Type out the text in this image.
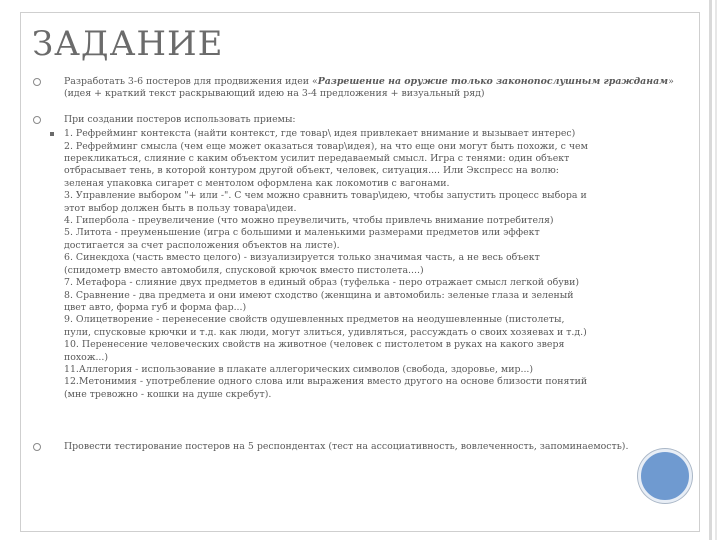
ЗАДАНИЕ
Разработать 3-6 постеров для продвижения идеи «Разрешение на оружие только законопослушным гражданам» (идея + краткий текст раскрывающий идею на 3-4 предложения + визуальный ряд)
При создании постеров использовать приемы:
1. Рефрейминг контекста (найти контекст, где товар\ идея привлекает внимание и вызывает интерес)
2. Рефрейминг смысла (чем еще может оказаться товар\идея), на что еще они могут быть похожи, с чем
перекликаться, слияние с каким объектом усилит передаваемый смысл. Игра с тенями: один объект
отбрасывает тень, в которой контуром другой объект, человек, ситуация.... Или Экспресс на волю:
зеленая упаковка сигарет с ментолом оформлена как локомотив с вагонами.
3. Управление выбором "+ или -". С чем можно сравнить товар\идею, чтобы запустить процесс выбора и
этот выбор должен быть в пользу товара\идеи.
4. Гипербола - преувеличение (что можно преувеличить, чтобы привлечь внимание потребителя)
5. Литота - преуменьшение (игра с большими и маленькими размерами предметов или эффект
достигается за счет расположения объектов на листе).
6. Синекдоха (часть вместо целого) - визуализируется только значимая часть, а не весь объект
(спидометр вместо автомобиля, спусковой крючок вместо пистолета....)
7. Метафора - слияние двух предметов в единый образ (туфелька - перо отражает смысл легкой обуви)
8. Сравнение - два предмета и они имеют сходство (женщина и автомобиль: зеленые глаза и зеленый
цвет авто, форма губ и форма фар...)
9. Олицетворение - перенесение свойств одушевленных предметов на неодушевленные (пистолеты,
пули, спусковые крючки и т.д. как люди, могут злиться, удивляться, рассуждать о своих хозяевах и т.д.)
10. Перенесение человеческих свойств на животное (человек с пистолетом в руках на какого зверя
похож...)
11.Аллегория - использование в плакате аллегорических символов (свобода, здоровье, мир...)
12.Метонимия - употребление одного слова или выражения вместо другого на основе близости понятий
(мне тревожно - кошки на душе скребут).
Провести тестирование постеров на 5 респондентах (тест на ассоциативность, вовлеченность, запоминаемость).
